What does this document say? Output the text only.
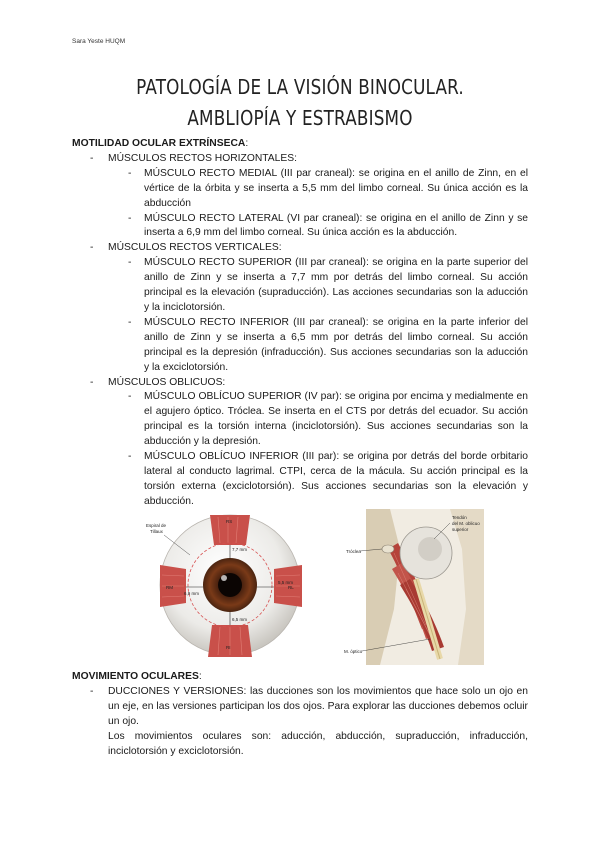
Sara Yeste HUQM
PATOLOGÍA DE LA VISIÓN BINOCULAR. AMBLIOPÍA Y ESTRABISMO
MOTILIDAD OCULAR EXTRÍNSECA:
- MÚSCULOS RECTOS HORIZONTALES:
- MÚSCULO RECTO MEDIAL (III par craneal): se origina en el anillo de Zinn, en el vértice de la órbita y se inserta a 5,5 mm del limbo corneal. Su única acción es la abducción
- MÚSCULO RECTO LATERAL (VI par craneal): se origina en el anillo de Zinn y se inserta a 6,9 mm del limbo corneal. Su única acción es la abducción.
- MÚSCULOS RECTOS VERTICALES:
- MÚSCULO RECTO SUPERIOR (III par craneal): se origina en la parte superior del anillo de Zinn y se inserta a 7,7 mm por detrás del limbo corneal. Su acción principal es la elevación (supraducción). Las acciones secundarias son la aducción y la inciclotorsión.
- MÚSCULO RECTO INFERIOR (III par craneal): se origina en la parte inferior del anillo de Zinn y se inserta a 6,5 mm por detrás del limbo corneal. Su acción principal es la depresión (infraducción). Sus acciones secundarias son la aducción y la exciclotorsión.
- MÚSCULOS OBLICUOS:
- MÚSCULO OBLÍCUO SUPERIOR (IV par): se origina por encima y medialmente en el agujero óptico. Tróclea. Se inserta en el CTS por detrás del ecuador. Su acción principal es la torsión interna (inciclotorsión). Sus acciones secundarias son la abducción y la depresión.
- MÚSCULO OBLÍCUO INFERIOR (III par): se origina por detrás del borde orbitario lateral al conducto lagrimal. CTPI, cerca de la mácula. Su acción principal es la torsión externa (exciclotorsión). Sus acciones secundarias son la elevación y abducción.
Espiral de
Tillaux
7,7 mm
5,5 mm
6,9 mm
6,5 mm
RS
RI
RL
RM
Tendón
del M. oblicuo
superior
Tróclea
M. óptico
MOVIMIENTO OCULARES:
- DUCCIONES Y VERSIONES: las ducciones son los movimientos que hace solo un ojo en un eje, en las versiones participan los dos ojos. Para explorar las ducciones debemos ocluir un ojo.
Los movimientos oculares son: aducción, abducción, supraducción, infraducción, inciclotorsión y exciclotorsión.
